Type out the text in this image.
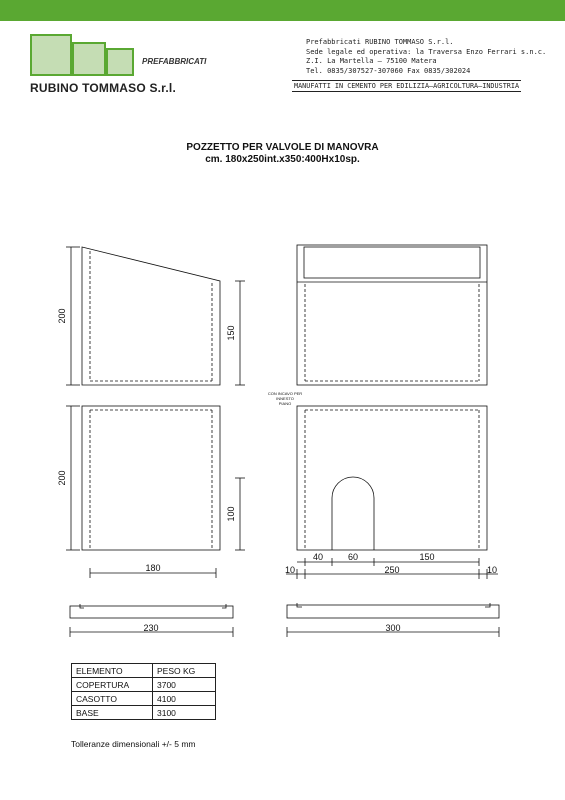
PREFABBRICATI
RUBINO TOMMASO S.r.l.
Prefabbricati RUBINO TOMMASO S.r.l.
Sede legale ed operativa: la Traversa Enzo Ferrari s.n.c.
Z.I. La Martella — 75100 Matera
Tel. 0835/307527-307060 Fax 0835/302024
MANUFATTI IN CEMENTO PER EDILIZIA–AGRICOLTURA–INDUSTRIA
POZZETTO PER VALVOLE DI MANOVRA
cm. 180x250int.x350:400Hx10sp.
200
150
200
100
180
40	60	150
10	250	10
230	300
CON INCAVO PER
INNESTO
PIANO
ELEMENTO	PESO KG
COPERTURA	3700
CASOTTO	4100
BASE	3100
Tolleranze dimensionali +/- 5 mm
